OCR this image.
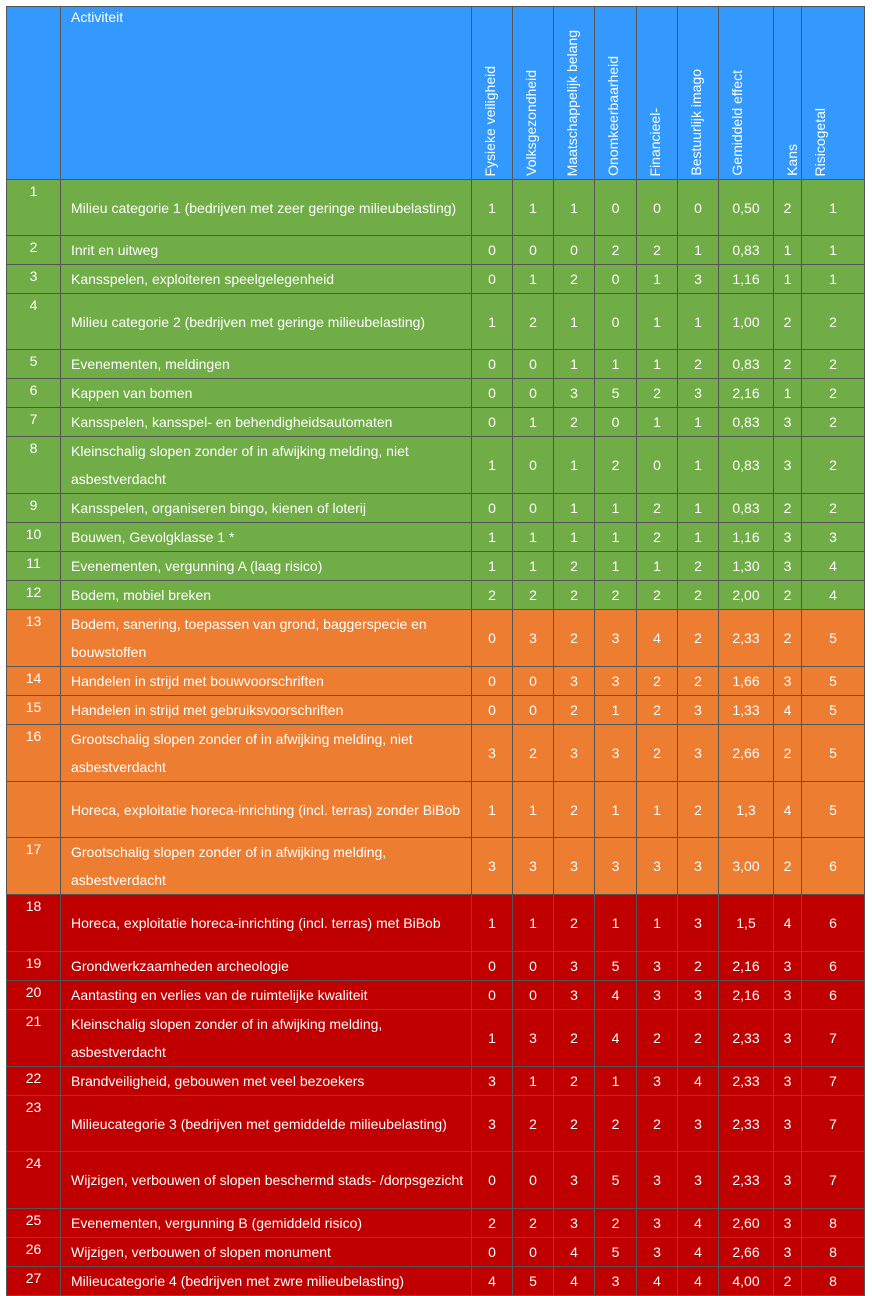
	Activiteit	Fysieke veiligheid	Volksgezondheid	Maatschappelijk belang	Onomkeerbaarheid	Financieel-	Bestuurlijk imago	Gemiddeld effect	Kans	Risicogetal
1	Milieu categorie 1 (bedrijven met zeer geringe milieubelasting)	1	1	1	0	0	0	0,50	2	1
2	Inrit en uitweg	0	0	0	2	2	1	0,83	1	1
3	Kansspelen, exploiteren speelgelegenheid	0	1	2	0	1	3	1,16	1	1
4	Milieu categorie 2 (bedrijven met geringe milieubelasting)	1	2	1	0	1	1	1,00	2	2
5	Evenementen, meldingen	0	0	1	1	1	2	0,83	2	2
6	Kappen van bomen	0	0	3	5	2	3	2,16	1	2
7	Kansspelen, kansspel- en behendigheidsautomaten	0	1	2	0	1	1	0,83	3	2
8	Kleinschalig slopen zonder of in afwijking melding, niet asbestverdacht	1	0	1	2	0	1	0,83	3	2
9	Kansspelen, organiseren bingo, kienen of loterij	0	0	1	1	2	1	0,83	2	2
10	Bouwen, Gevolgklasse 1 *	1	1	1	1	2	1	1,16	3	3
11	Evenementen, vergunning A (laag risico)	1	1	2	1	1	2	1,30	3	4
12	Bodem, mobiel breken	2	2	2	2	2	2	2,00	2	4
13	Bodem, sanering, toepassen van grond, baggerspecie en bouwstoffen	0	3	2	3	4	2	2,33	2	5
14	Handelen in strijd met bouwvoorschriften	0	0	3	3	2	2	1,66	3	5
15	Handelen in strijd met gebruiksvoorschriften	0	0	2	1	2	3	1,33	4	5
16	Grootschalig slopen zonder of in afwijking melding, niet asbestverdacht	3	2	3	3	2	3	2,66	2	5
	Horeca, exploitatie horeca-inrichting (incl. terras) zonder BiBob	1	1	2	1	1	2	1,3	4	5
17	Grootschalig slopen zonder of in afwijking melding, asbestverdacht	3	3	3	3	3	3	3,00	2	6
18	Horeca, exploitatie horeca-inrichting (incl. terras) met BiBob	1	1	2	1	1	3	1,5	4	6
19	Grondwerkzaamheden archeologie	0	0	3	5	3	2	2,16	3	6
20	Aantasting en verlies van de ruimtelijke kwaliteit	0	0	3	4	3	3	2,16	3	6
21	Kleinschalig slopen zonder of in afwijking melding, asbestverdacht	1	3	2	4	2	2	2,33	3	7
22	Brandveiligheid, gebouwen met veel bezoekers	3	1	2	1	3	4	2,33	3	7
23	Milieucategorie 3 (bedrijven met gemiddelde milieubelasting)	3	2	2	2	2	3	2,33	3	7
24	Wijzigen, verbouwen of slopen beschermd stads- /dorpsgezicht	0	0	3	5	3	3	2,33	3	7
25	Evenementen, vergunning B (gemiddeld risico)	2	2	3	2	3	4	2,60	3	8
26	Wijzigen, verbouwen of slopen monument	0	0	4	5	3	4	2,66	3	8
27	Milieucategorie 4 (bedrijven met zwre milieubelasting)	4	5	4	3	4	4	4,00	2	8
